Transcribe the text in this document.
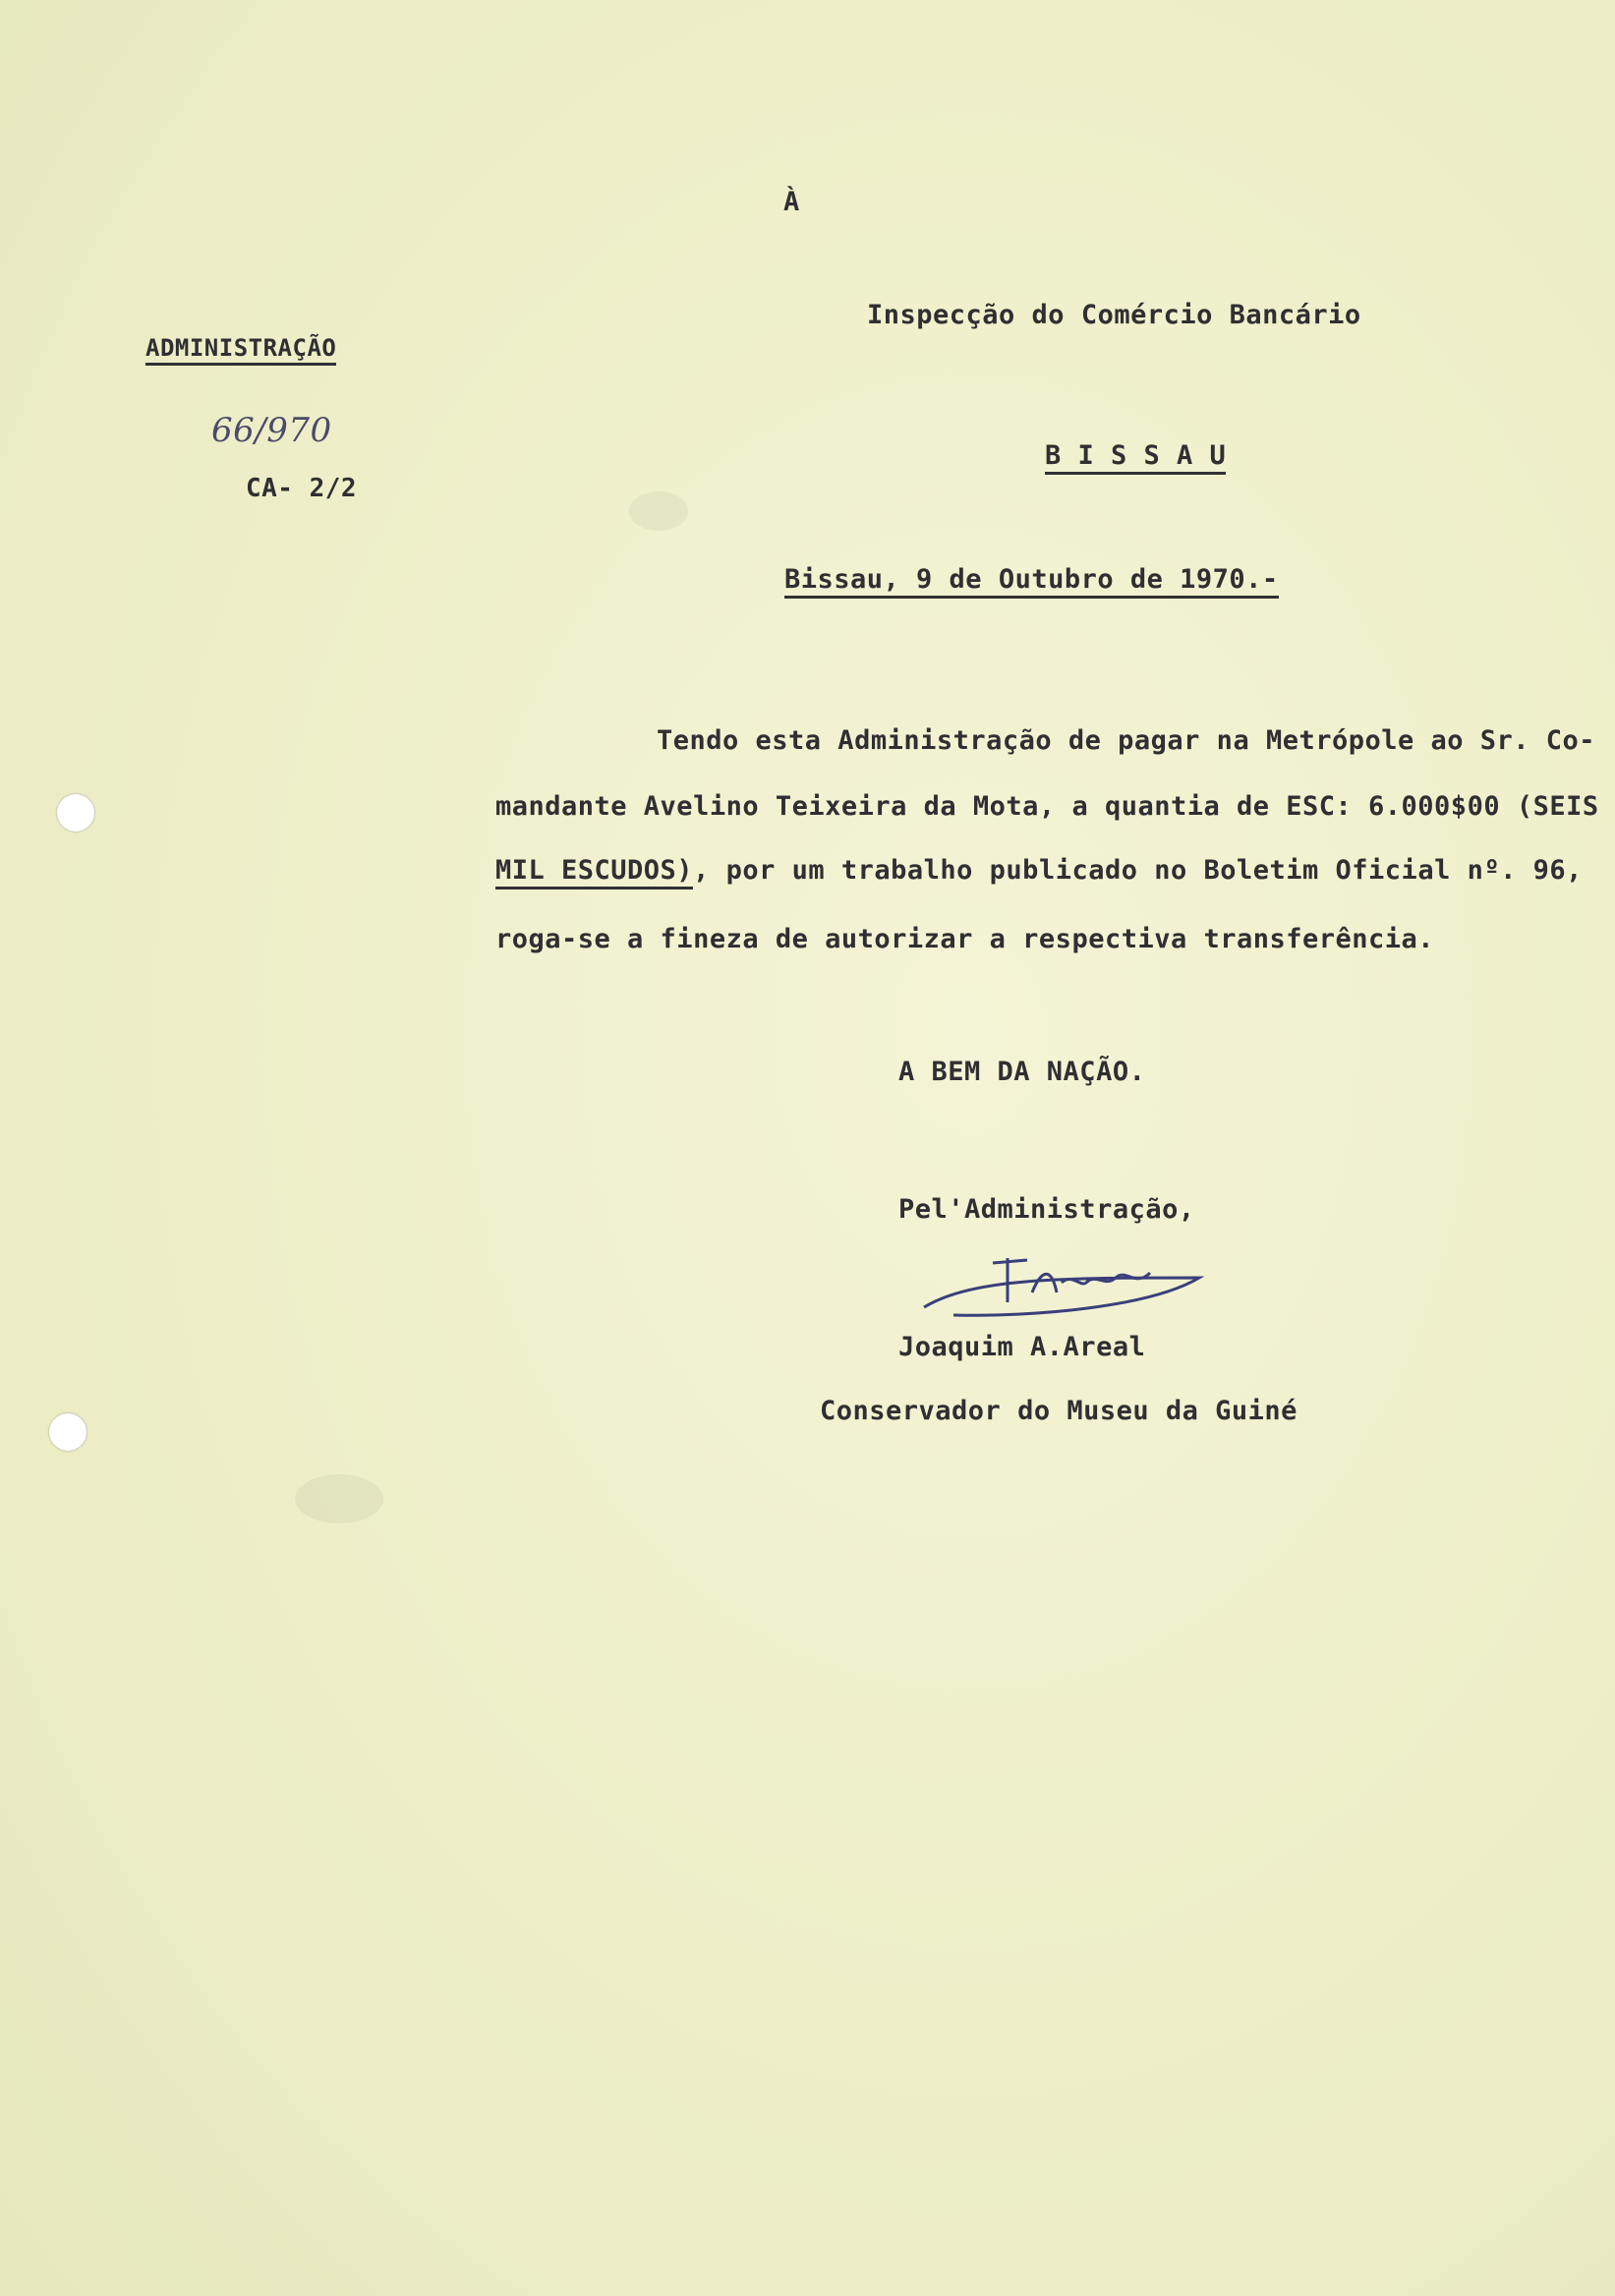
À
Inspecção do Comércio Bancário
ADMINISTRAÇÃO
66/970
CA- 2/2
B I S S A U
Bissau, 9 de Outubro de 1970.-
Tendo esta Administração de pagar na Metrópole ao Sr. Co-
mandante Avelino Teixeira da Mota, a quantia de ESC: 6.000$00 (SEIS
MIL ESCUDOS), por um trabalho publicado no Boletim Oficial nº. 96,
roga-se a fineza de autorizar a respectiva transferência.
A BEM DA NAÇÃO.
Pel'Administração,
Joaquim A.Areal
Conservador do Museu da Guiné
